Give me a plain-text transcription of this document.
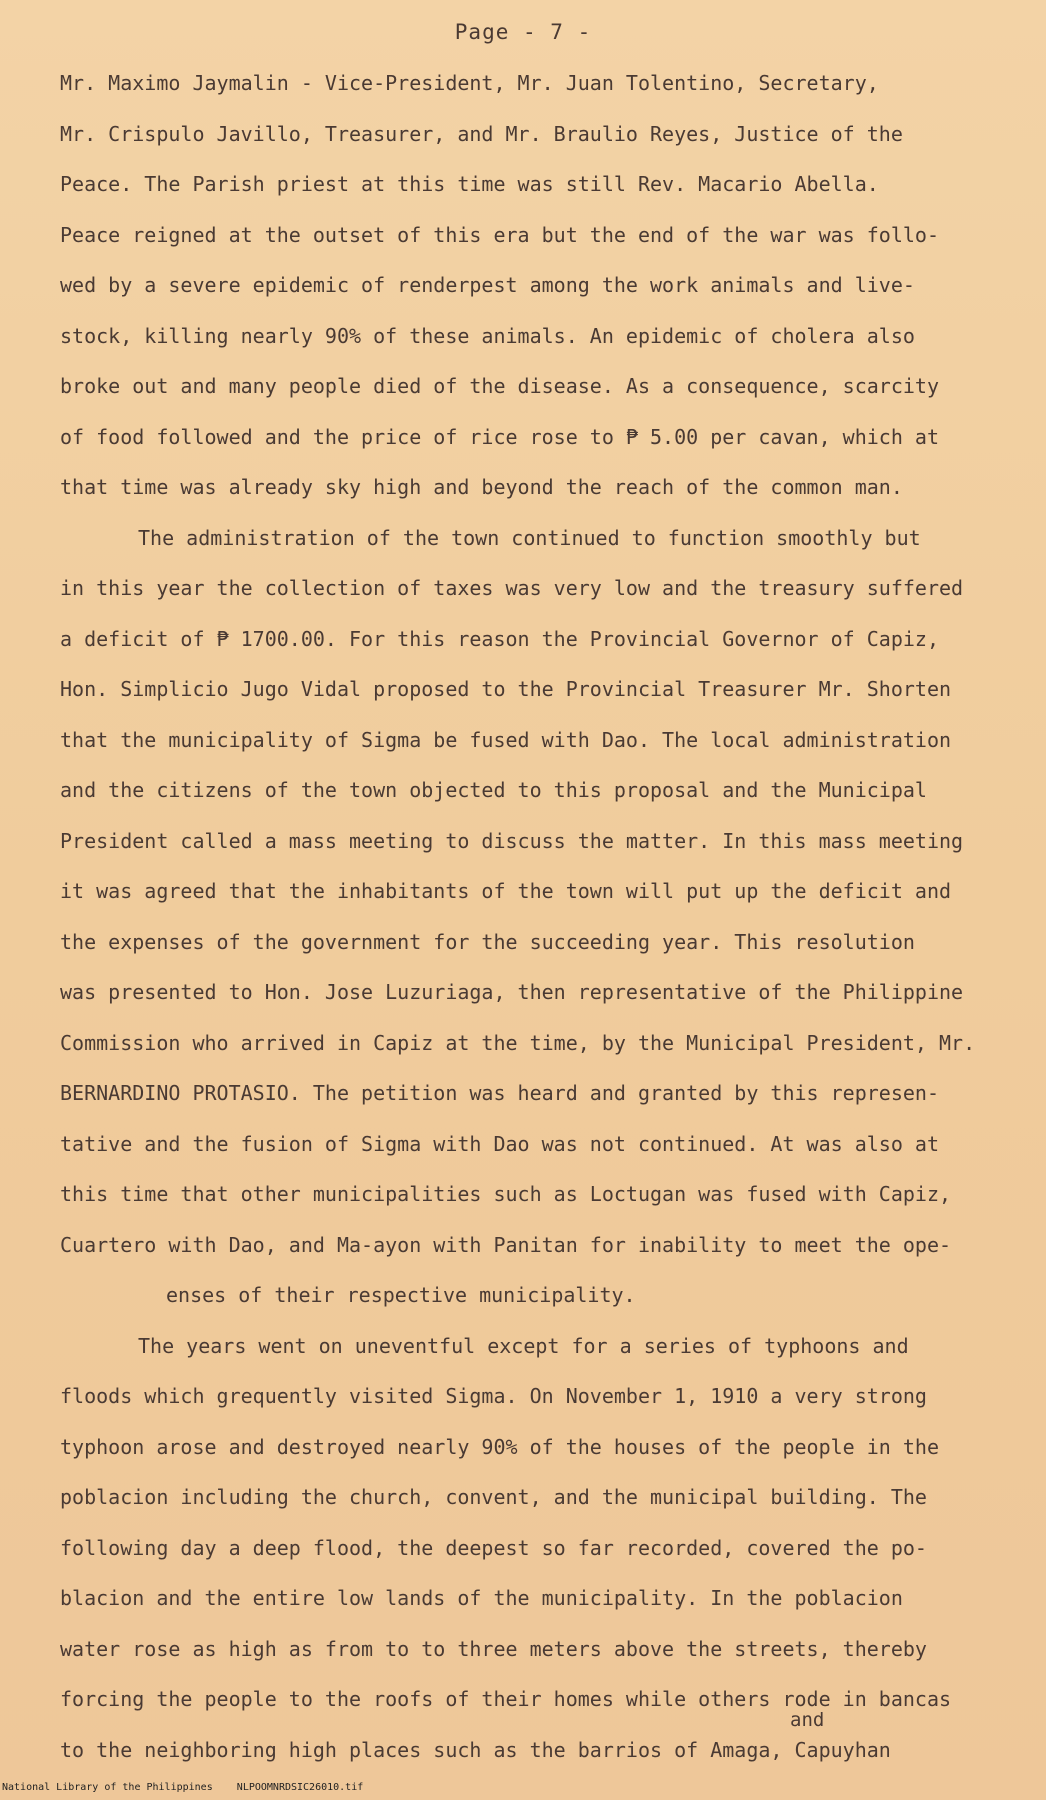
Page - 7 -
Mr. Maximo Jaymalin - Vice-President, Mr. Juan Tolentino, Secretary,
Mr. Crispulo Javillo, Treasurer, and Mr. Braulio Reyes, Justice of the
Peace. The Parish priest at this time was still Rev. Macario Abella.
Peace reigned at the outset of this era but the end of the war was follo-
wed by a severe epidemic of renderpest among the work animals and live-
stock, killing nearly 90% of these animals. An epidemic of cholera also
broke out and many people died of the disease. As a consequence, scarcity
of food followed and the price of rice rose to ₱ 5.00 per cavan, which at
that time was already sky high and beyond the reach of the common man.
The administration of the town continued to function smoothly but
in this year the collection of taxes was very low and the treasury suffered
a deficit of ₱ 1700.00. For this reason the Provincial Governor of Capiz,
Hon. Simplicio Jugo Vidal proposed to the Provincial Treasurer Mr. Shorten
that the municipality of Sigma be fused with Dao. The local administration
and the citizens of the town objected to this proposal and the Municipal
President called a mass meeting to discuss the matter. In this mass meeting
it was agreed that the inhabitants of the town will put up the deficit and
the expenses of the government for the succeeding year. This resolution
was presented to Hon. Jose Luzuriaga, then representative of the Philippine
Commission who arrived in Capiz at the time, by the Municipal President, Mr.
BERNARDINO PROTASIO. The petition was heard and granted by this represen-
tative and the fusion of Sigma with Dao was not continued. At was also at
this time that other municipalities such as Loctugan was fused with Capiz,
Cuartero with Dao, and Ma-ayon with Panitan for inability to meet the ope-
enses of their respective municipality.
The years went on uneventful except for a series of typhoons and
floods which grequently visited Sigma. On November 1, 1910 a very strong
typhoon arose and destroyed nearly 90% of the houses of the people in the
poblacion including the church, convent, and the municipal building. The
following day a deep flood, the deepest so far recorded, covered the po-
blacion and the entire low lands of the municipality. In the poblacion
water rose as high as from to to three meters above the streets, thereby
forcing the people to the roofs of their homes while others rode in bancas
to the neighboring high places such as the barrios of Amaga, Capuyhan
and
National Library of the Philippines    NLPOOMNRDSIC26010.tif
